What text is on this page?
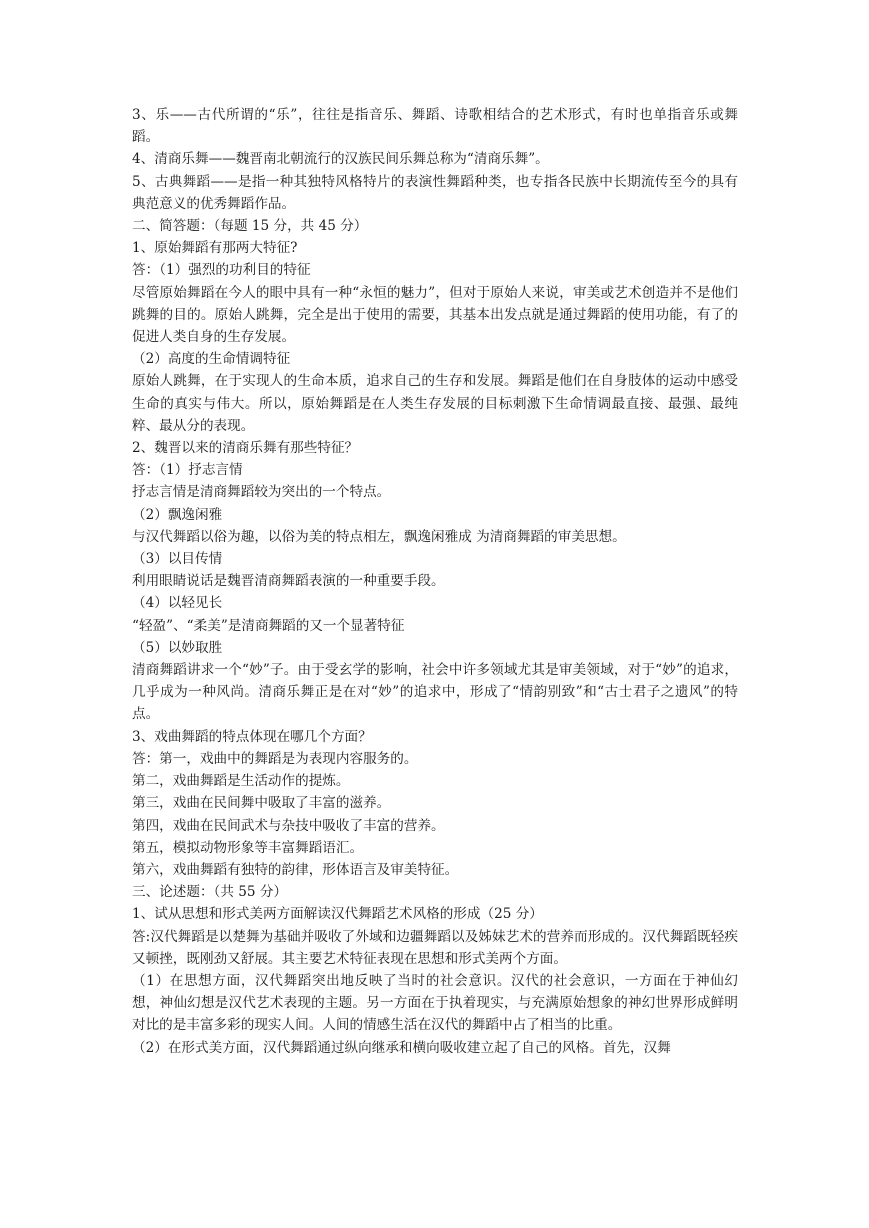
3、乐——古代所谓的“乐”，往往是指音乐、舞蹈、诗歌相结合的艺术形式，有时也单指音乐或舞蹈。

4、清商乐舞——魏晋南北朝流行的汉族民间乐舞总称为“清商乐舞”。

5、古典舞蹈——是指一种其独特风格特片的表演性舞蹈种类，也专指各民族中长期流传至今的具有典范意义的优秀舞蹈作品。

二、简答题：（每题 15 分，共 45 分）

1、原始舞蹈有那两大特征?

答：（1）强烈的功利目的特征

尽管原始舞蹈在今人的眼中具有一种“永恒的魅力”，但对于原始人来说，审美或艺术创造并不是他们跳舞的目的。原始人跳舞，完全是出于使用的需要，其基本出发点就是通过舞蹈的使用功能，有了的促进人类自身的生存发展。

（2）高度的生命情调特征

原始人跳舞，在于实现人的生命本质，追求自己的生存和发展。舞蹈是他们在自身肢体的运动中感受生命的真实与伟大。所以，原始舞蹈是在人类生存发展的目标刺激下生命情调最直接、最强、最纯粹、最从分的表现。

2、魏晋以来的清商乐舞有那些特征？

答：（1）抒志言情

抒志言情是清商舞蹈较为突出的一个特点。

（2）飘逸闲雅

与汉代舞蹈以俗为趣，以俗为美的特点相左，飘逸闲雅成 为清商舞蹈的审美思想。

（3）以目传情

利用眼睛说话是魏晋清商舞蹈表演的一种重要手段。

（4）以轻见长

“轻盈”、“柔美”是清商舞蹈的又一个显著特征

（5）以妙取胜

清商舞蹈讲求一个“妙”子。由于受玄学的影响，社会中许多领域尤其是审美领域，对于“妙”的追求，几乎成为一种风尚。清商乐舞正是在对“妙”的追求中，形成了“情韵别致”和“古士君子之遗风”的特点。

3、戏曲舞蹈的特点体现在哪几个方面？

答：第一，戏曲中的舞蹈是为表现内容服务的。

第二，戏曲舞蹈是生活动作的提炼。

第三，戏曲在民间舞中吸取了丰富的滋养。

第四，戏曲在民间武术与杂技中吸收了丰富的营养。

第五，模拟动物形象等丰富舞蹈语汇。

第六，戏曲舞蹈有独特的韵律，形体语言及审美特征。

三、论述题：（共 55 分）

1、试从思想和形式美两方面解读汉代舞蹈艺术风格的形成（25 分）

答:汉代舞蹈是以楚舞为基础并吸收了外域和边疆舞蹈以及姊妹艺术的营养而形成的。汉代舞蹈既轻疾又顿挫，既刚劲又舒展。其主要艺术特征表现在思想和形式美两个方面。

（1）在思想方面，汉代舞蹈突出地反映了当时的社会意识。汉代的社会意识，一方面在于神仙幻想，神仙幻想是汉代艺术表现的主题。另一方面在于执着现实，与充满原始想象的神幻世界形成鲜明对比的是丰富多彩的现实人间。人间的情感生活在汉代的舞蹈中占了相当的比重。

（2）在形式美方面，汉代舞蹈通过纵向继承和横向吸收建立起了自己的风格。首先，汉舞
